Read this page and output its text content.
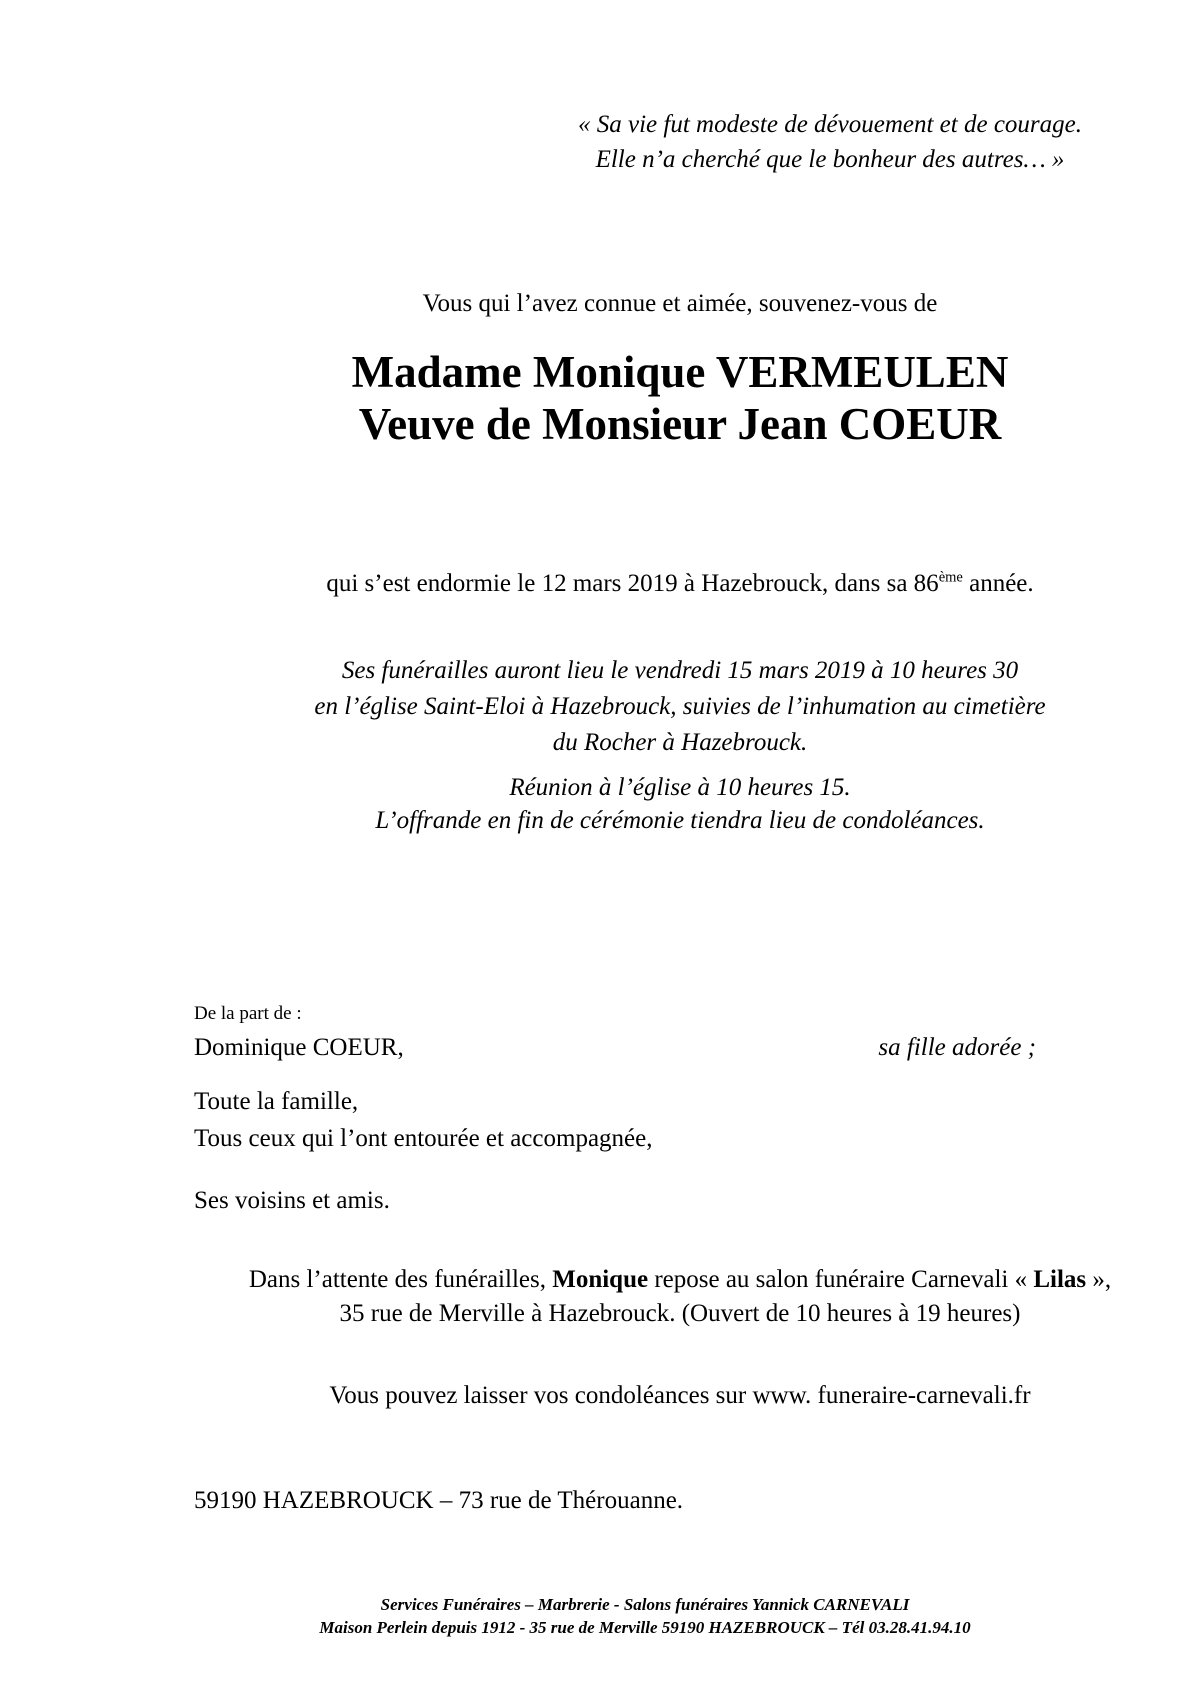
« Sa vie fut modeste de dévouement et de courage.
Elle n’a cherché que le bonheur des autres… »
Vous qui l’avez connue et aimée, souvenez-vous de
Madame Monique VERMEULEN
Veuve de Monsieur Jean COEUR
qui s’est endormie le 12 mars 2019 à Hazebrouck, dans sa 86ème année.
Ses funérailles auront lieu le vendredi 15 mars 2019 à 10 heures 30
en l’église Saint-Eloi à Hazebrouck, suivies de l’inhumation au cimetière
du Rocher à Hazebrouck.
Réunion à l’église à 10 heures 15.
L’offrande en fin de cérémonie tiendra lieu de condoléances.
De la part de :
Dominique COEUR,	sa fille adorée ;
Toute la famille,
Tous ceux qui l’ont entourée et accompagnée,
Ses voisins et amis.
Dans l’attente des funérailles, Monique repose au salon funéraire Carnevali « Lilas »,
35 rue de Merville à Hazebrouck. (Ouvert de 10 heures à 19 heures)
Vous pouvez laisser vos condoléances sur www. funeraire-carnevali.fr
59190 HAZEBROUCK – 73 rue de Thérouanne.
Services Funéraires – Marbrerie - Salons funéraires Yannick CARNEVALI
Maison Perlein depuis 1912 - 35 rue de Merville 59190 HAZEBROUCK – Tél 03.28.41.94.10
